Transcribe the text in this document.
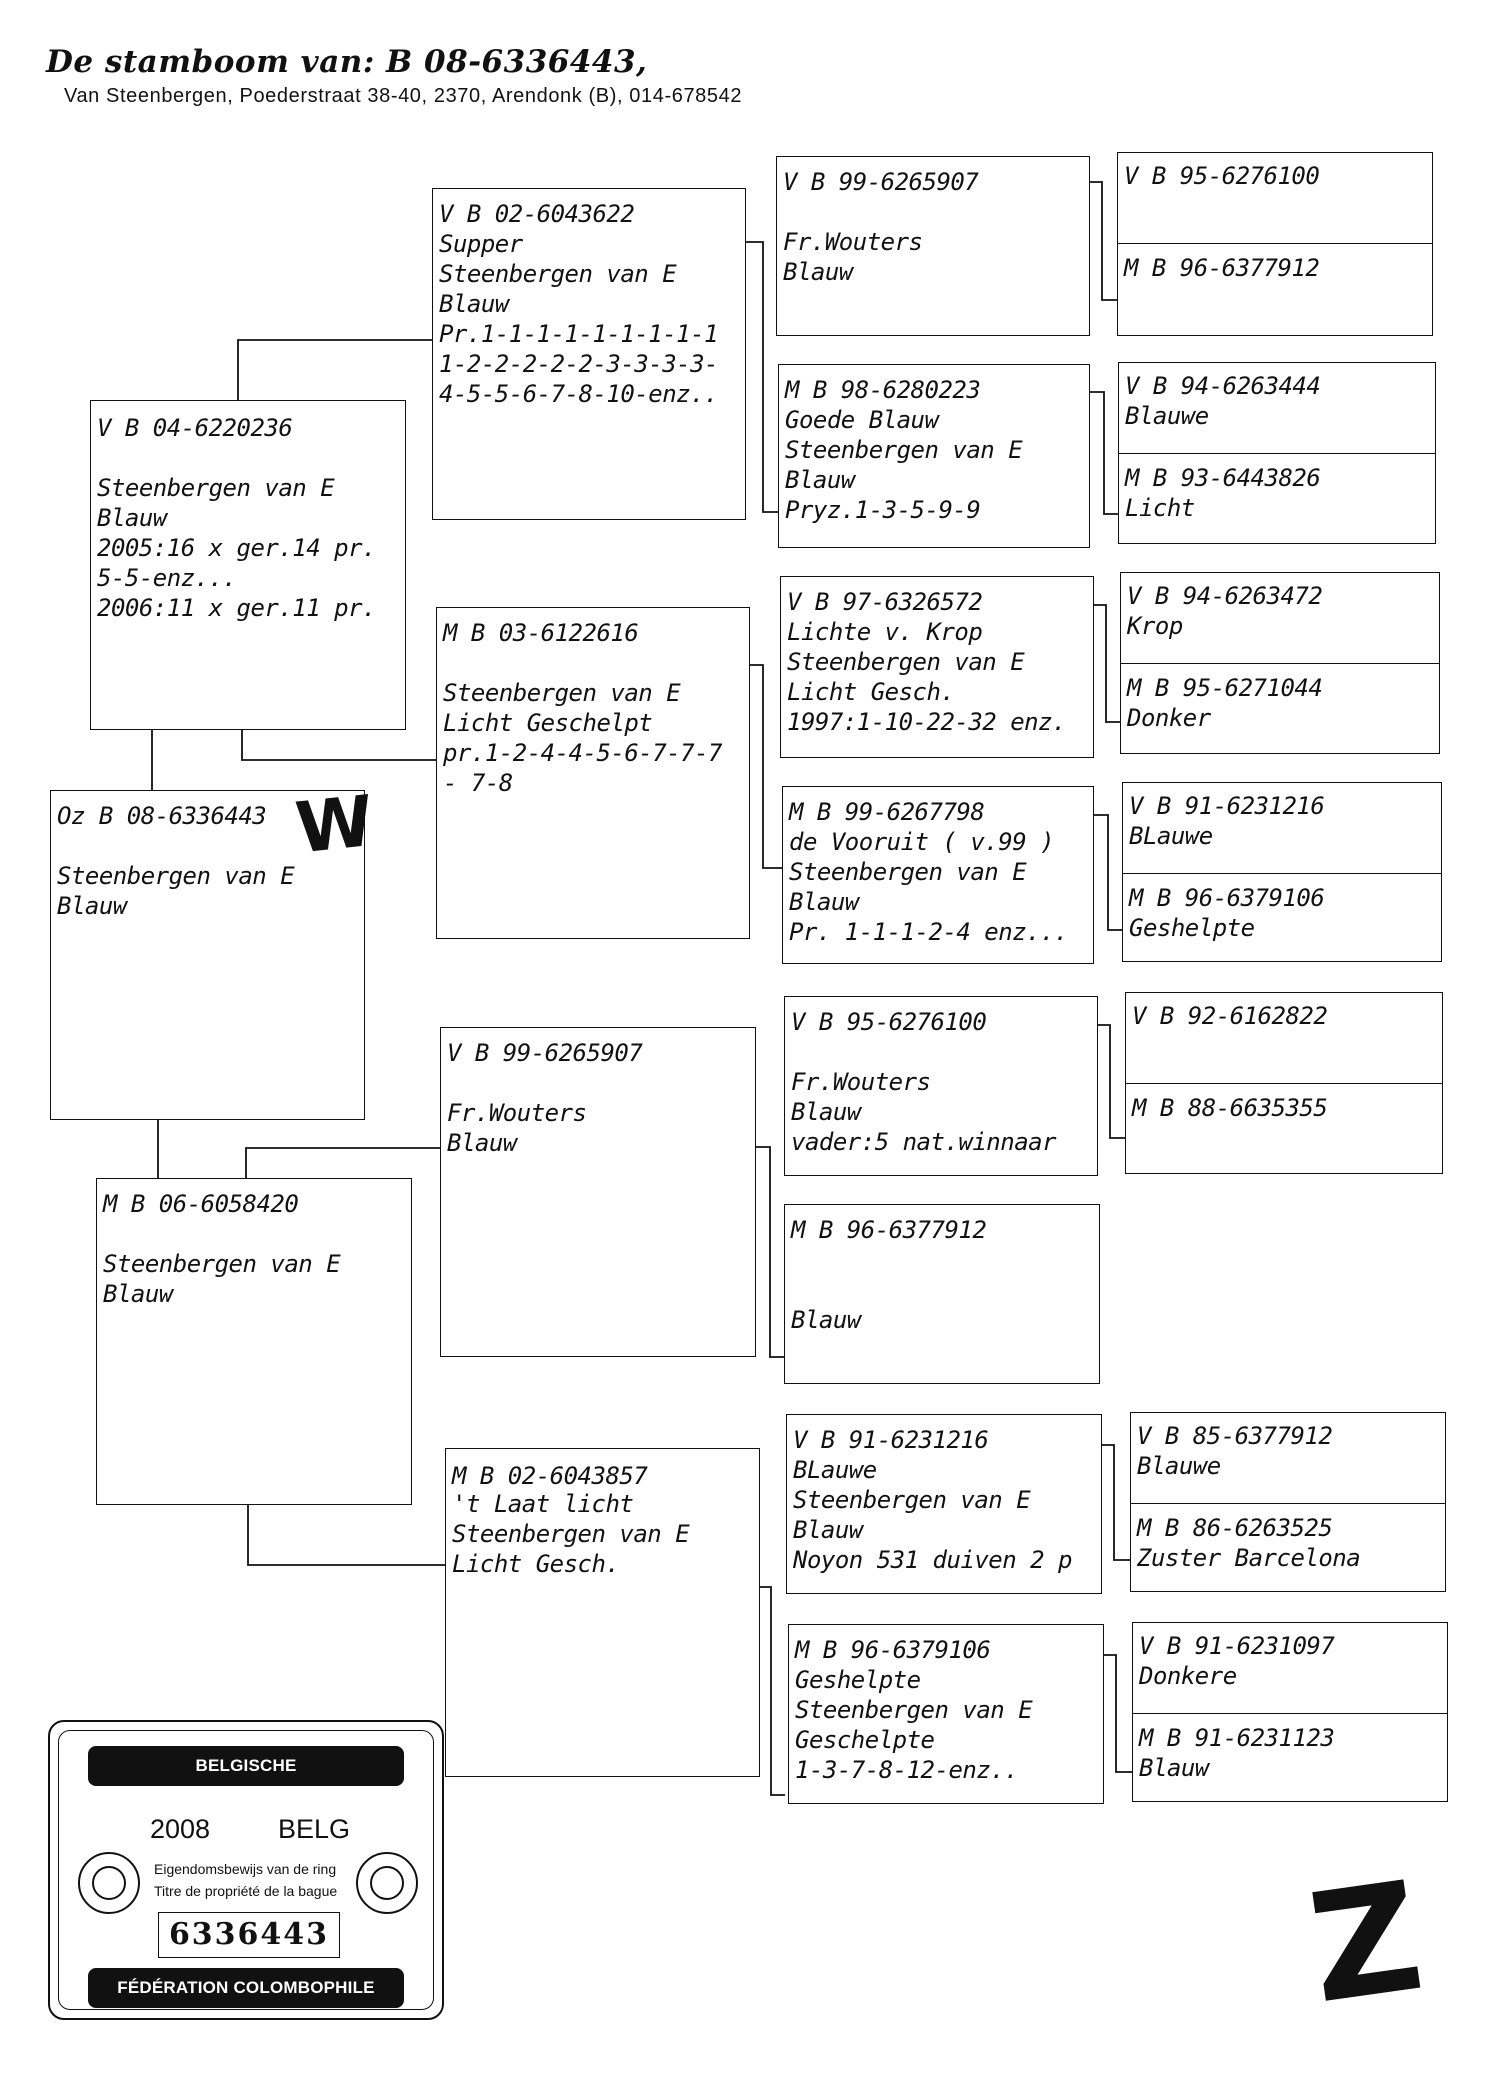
De stamboom van: B 08-6336443,
Van Steenbergen, Poederstraat 38-40, 2370, Arendonk (B), 014-678542
Oz B 08-6336443
Steenbergen van E
Blauw
W
V B 04-6220236
Steenbergen van E
Blauw
2005:16 x ger.14 pr.
5-5-enz...
2006:11 x ger.11 pr.
M B 06-6058420
Steenbergen van E
Blauw
V B 02-6043622
Supper
Steenbergen van E
Blauw
Pr.1-1-1-1-1-1-1-1-1
1-2-2-2-2-2-3-3-3-3-
4-5-5-6-7-8-10-enz..
M B 03-6122616
Steenbergen van E
Licht Geschelpt
pr.1-2-4-4-5-6-7-7-7
- 7-8
V B 99-6265907
Fr.Wouters
Blauw
M B 02-6043857
't Laat licht
Steenbergen van E
Licht Gesch.
V B 99-6265907
Fr.Wouters
Blauw
M B 98-6280223
Goede Blauw
Steenbergen van E
Blauw
Pryz.1-3-5-9-9
V B 97-6326572
Lichte v. Krop
Steenbergen van E
Licht Gesch.
1997:1-10-22-32 enz.
M B 99-6267798
de Vooruit ( v.99 )
Steenbergen van E
Blauw
Pr. 1-1-1-2-4 enz...
V B 95-6276100
Fr.Wouters
Blauw
vader:5 nat.winnaar
M B 96-6377912
Blauw
V B 91-6231216
BLauwe
Steenbergen van E
Blauw
Noyon 531 duiven 2 p
M B 96-6379106
Geshelpte
Steenbergen van E
Geschelpte
1-3-7-8-12-enz..
V B 95-6276100
M B 96-6377912
V B 94-6263444
Blauwe
M B 93-6443826
Licht
V B 94-6263472
Krop
M B 95-6271044
Donker
V B 91-6231216
BLauwe
M B 96-6379106
Geshelpte
V B 92-6162822
M B 88-6635355
V B 85-6377912
Blauwe
M B 86-6263525
Zuster Barcelona
V B 91-6231097
Donkere
M B 91-6231123
Blauw
BELGISCHE DUIVENLIEFHEBBERSBOND
2008	BELG
Eigendomsbewijs van de ring
Titre de propriété de la bague
6336443
FÉDÉRATION COLOMBOPHILE BELGE	Z
